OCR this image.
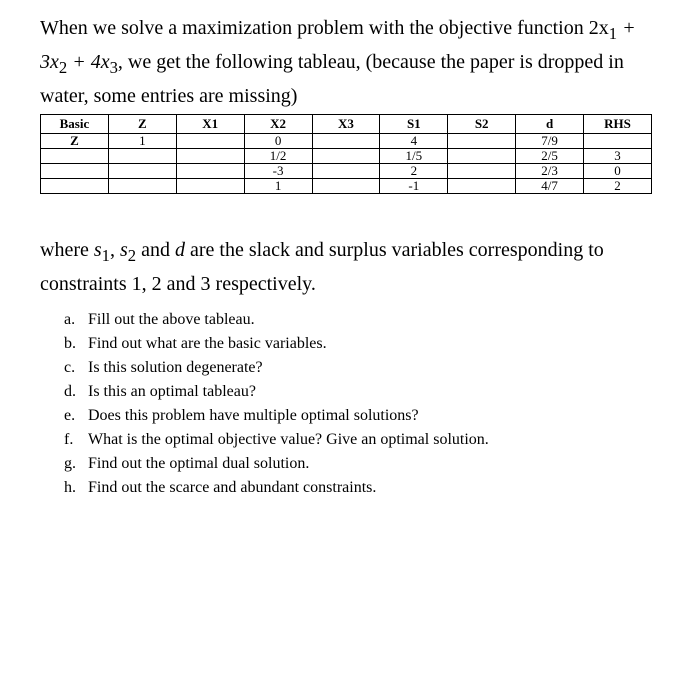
When we solve a maximization problem with the objective function $2x_1 + 3x_2 + 4x_3$, we get the following tableau, (because the paper is dropped in water, some entries are missing)
Basic	Z	X1	X2	X3	S1	S2	d	RHS
Z	1		0		4		7/9	
			1/2		1/5		2/5	3
			-3		2		2/3	0
			1		-1		4/7	2
where $s_1$, $s_2$ and d are the slack and surplus variables corresponding to constraints 1, 2 and 3 respectively.
a. Fill out the above tableau.
b. Find out what are the basic variables.
c. Is this solution degenerate?
d. Is this an optimal tableau?
e. Does this problem have multiple optimal solutions?
f. What is the optimal objective value? Give an optimal solution.
g. Find out the optimal dual solution.
h. Find out the scarce and abundant constraints.
